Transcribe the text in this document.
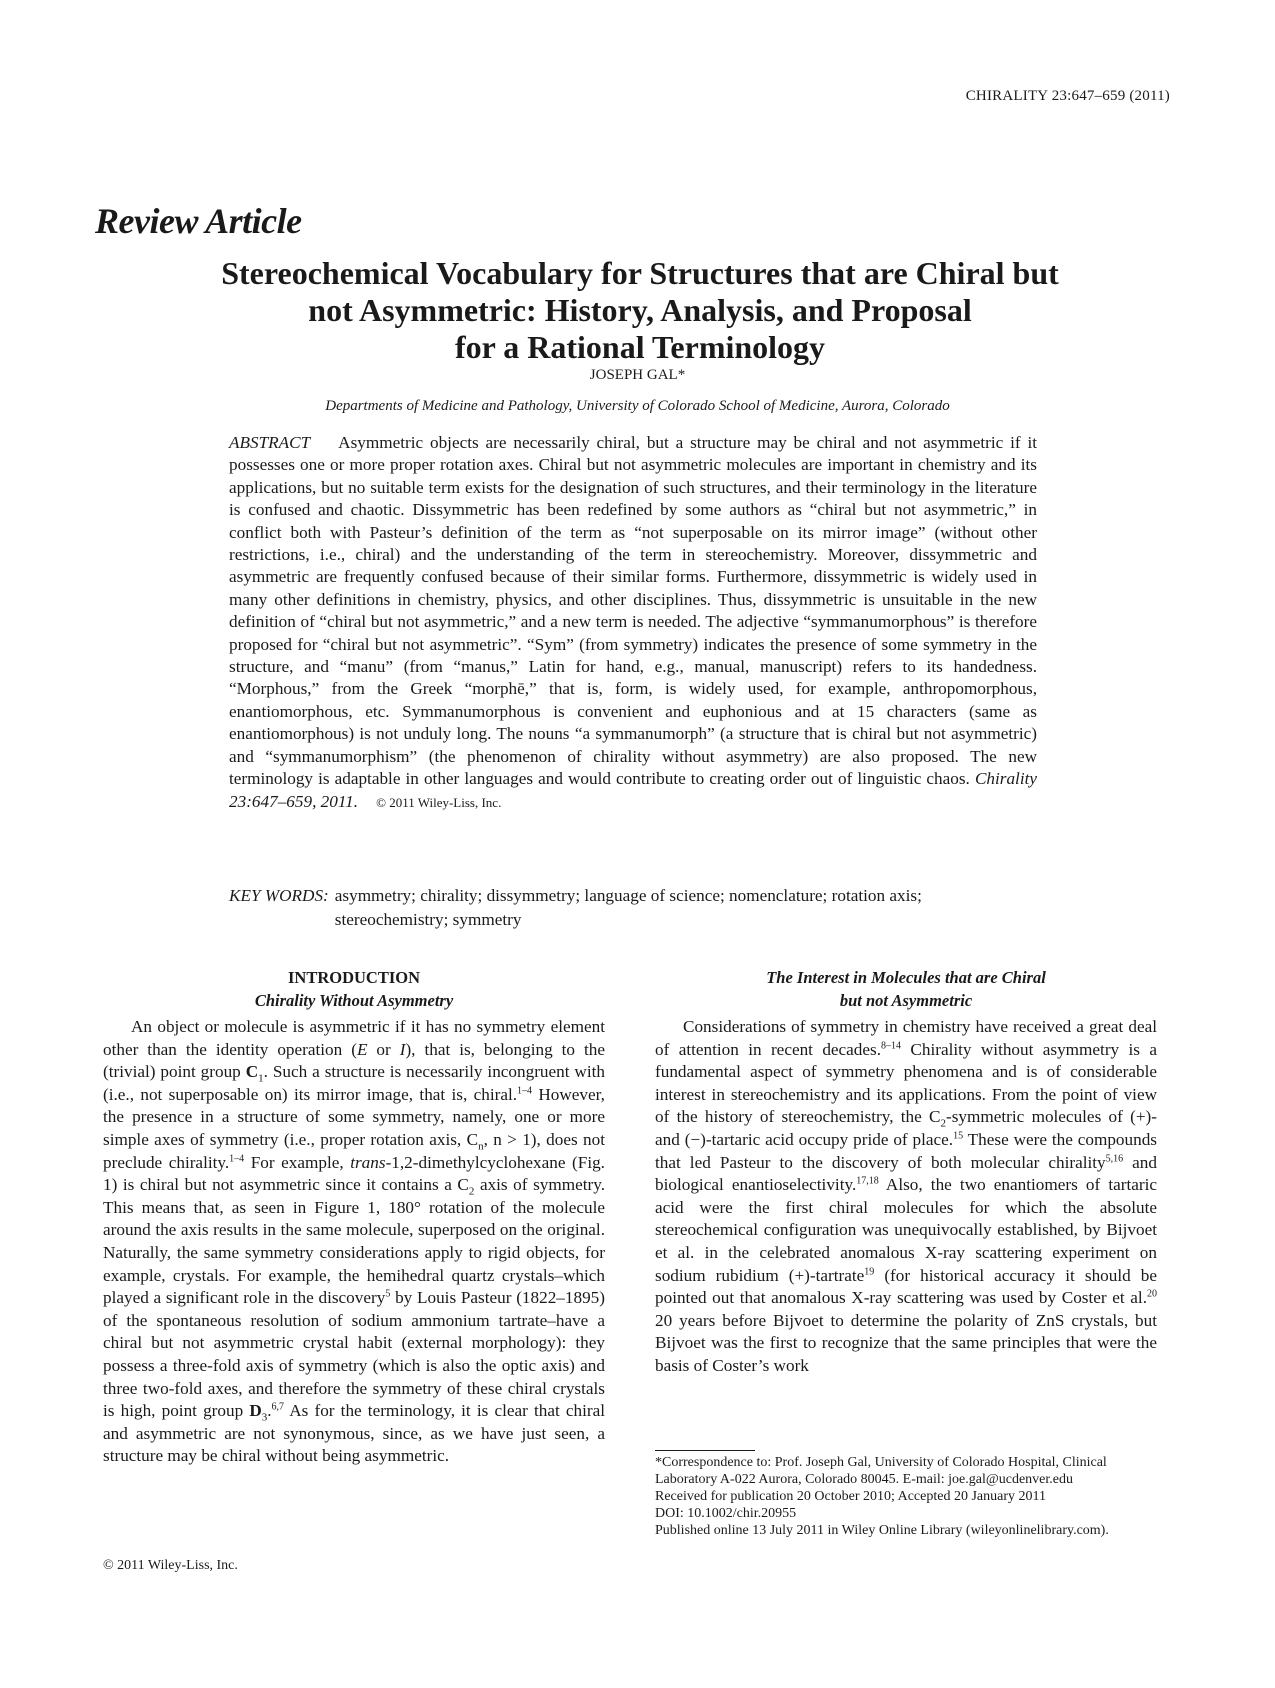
CHIRALITY 23:647–659 (2011)
Review Article
Stereochemical Vocabulary for Structures that are Chiral but
not Asymmetric: History, Analysis, and Proposal
for a Rational Terminology
JOSEPH GAL*
Departments of Medicine and Pathology, University of Colorado School of Medicine, Aurora, Colorado
ABSTRACT Asymmetric objects are necessarily chiral, but a structure may be chiral and not asymmetric if it possesses one or more proper rotation axes. Chiral but not asymmetric molecules are important in chemistry and its applications, but no suitable term exists for the designation of such structures, and their terminology in the literature is confused and chaotic. Dissymmetric has been redefined by some authors as “chiral but not asymmetric,” in conflict both with Pasteur’s definition of the term as “not superposable on its mirror image” (without other restrictions, i.e., chiral) and the understanding of the term in stereochemistry. Moreover, dissymmetric and asymmetric are frequently confused because of their similar forms. Furthermore, dissymmetric is widely used in many other definitions in chemistry, physics, and other disciplines. Thus, dissymmetric is unsuitable in the new definition of “chiral but not asymmetric,” and a new term is needed. The adjective “symmanumorphous” is therefore proposed for “chiral but not asymmetric”. “Sym” (from symmetry) indicates the presence of some symmetry in the structure, and “manu” (from “manus,” Latin for hand, e.g., manual, manuscript) refers to its handedness. “Morphous,” from the Greek “morphē,” that is, form, is widely used, for example, anthropomorphous, enantiomorphous, etc. Symmanumorphous is convenient and euphonious and at 15 characters (same as enantiomorphous) is not unduly long. The nouns “a symmanumorph” (a structure that is chiral but not asymmetric) and “symmanumorphism” (the phenomenon of chirality without asymmetry) are also proposed. The new terminology is adaptable in other languages and would contribute to creating order out of linguistic chaos. Chirality 23:647–659, 2011. © 2011 Wiley-Liss, Inc.
KEY WORDS: asymmetry; chirality; dissymmetry; language of science; nomenclature; rotation axis; stereochemistry; symmetry
INTRODUCTION
Chirality Without Asymmetry
An object or molecule is asymmetric if it has no symmetry element other than the identity operation (E or I), that is, belonging to the (trivial) point group $C_1$. Such a structure is necessarily incongruent with (i.e., not superposable on) its mirror image, that is, chiral.$^{1-4}$ However, the presence in a structure of some symmetry, namely, one or more simple axes of symmetry (i.e., proper rotation axis, $C_n$, n > 1), does not preclude chirality.$^{1-4}$ For example, trans-1,2-dimethylcyclohexane (Fig. 1) is chiral but not asymmetric since it contains a $C_2$ axis of symmetry. This means that, as seen in Figure 1, 180° rotation of the molecule around the axis results in the same molecule, superposed on the original. Naturally, the same symmetry considerations apply to rigid objects, for example, crystals. For example, the hemihedral quartz crystals–which played a significant role in the discovery$^5$ by Louis Pasteur (1822–1895) of the spontaneous resolution of sodium ammonium tartrate–have a chiral but not asymmetric crystal habit (external morphology): they possess a three-fold axis of symmetry (which is also the optic axis) and three two-fold axes, and therefore the symmetry of these chiral crystals is high, point group $D_3.^{6,7}$ As for the terminology, it is clear that chiral and asymmetric are not synonymous, since, as we have just seen, a structure may be chiral without being asymmetric.
The Interest in Molecules that are Chiral
but not Asymmetric
Considerations of symmetry in chemistry have received a great deal of attention in recent decades.$^{8-14}$ Chirality without asymmetry is a fundamental aspect of symmetry phenomena and is of considerable interest in stereochemistry and its applications. From the point of view of the history of stereochemistry, the $C_2$-symmetric molecules of (+)- and (−)-tartaric acid occupy pride of place.$^{15}$ These were the compounds that led Pasteur to the discovery of both molecular chirality$^{5,16}$ and biological enantioselectivity.$^{17,18}$ Also, the two enantiomers of tartaric acid were the first chiral molecules for which the absolute stereochemical configuration was unequivocally established, by Bijvoet et al. in the celebrated anomalous X-ray scattering experiment on sodium rubidium (+)-tartrate$^{19}$ (for historical accuracy it should be pointed out that anomalous X-ray scattering was used by Coster et al.$^{20}$ 20 years before Bijvoet to determine the polarity of ZnS crystals, but Bijvoet was the first to recognize that the same principles that were the basis of Coster’s work
© 2011 Wiley-Liss, Inc.
*Correspondence to: Prof. Joseph Gal, University of Colorado Hospital, Clinical Laboratory A-022 Aurora, Colorado 80045. E-mail: joe.gal@ucdenver.edu
Received for publication 20 October 2010; Accepted 20 January 2011
DOI: 10.1002/chir.20955
Published online 13 July 2011 in Wiley Online Library (wileyonlinelibrary.com).
